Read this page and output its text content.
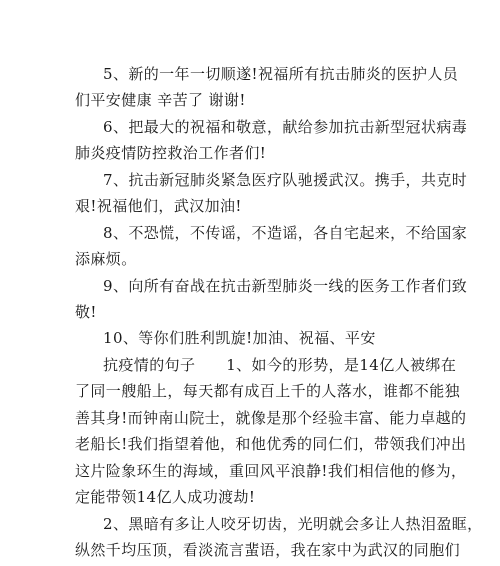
5、新的一年一切顺遂!祝福所有抗击肺炎的医护人员
们平安健康 辛苦了 谢谢!
6、把最大的祝福和敬意，献给参加抗击新型冠状病毒
肺炎疫情防控救治工作者们!
7、抗击新冠肺炎紧急医疗队驰援武汉。携手，共克时
艰!祝福他们，武汉加油!
8、不恐慌，不传谣，不造谣，各自宅起来，不给国家
添麻烦。
9、向所有奋战在抗击新型肺炎一线的医务工作者们致
敬!
10、等你们胜利凯旋!加油、祝福、平安
抗疫情的句子　　1、如今的形势，是14亿人被绑在
了同一艘船上，每天都有成百上千的人落水，谁都不能独
善其身!而钟南山院士，就像是那个经验丰富、能力卓越的
老船长!我们指望着他，和他优秀的同仁们，带领我们冲出
这片险象环生的海域，重回风平浪静!我们相信他的修为，
定能带领14亿人成功渡劫!
2、黑暗有多让人咬牙切齿，光明就会多让人热泪盈眶，
纵然千均压顶，看淡流言蜚语，我在家中为武汉的同胞们
